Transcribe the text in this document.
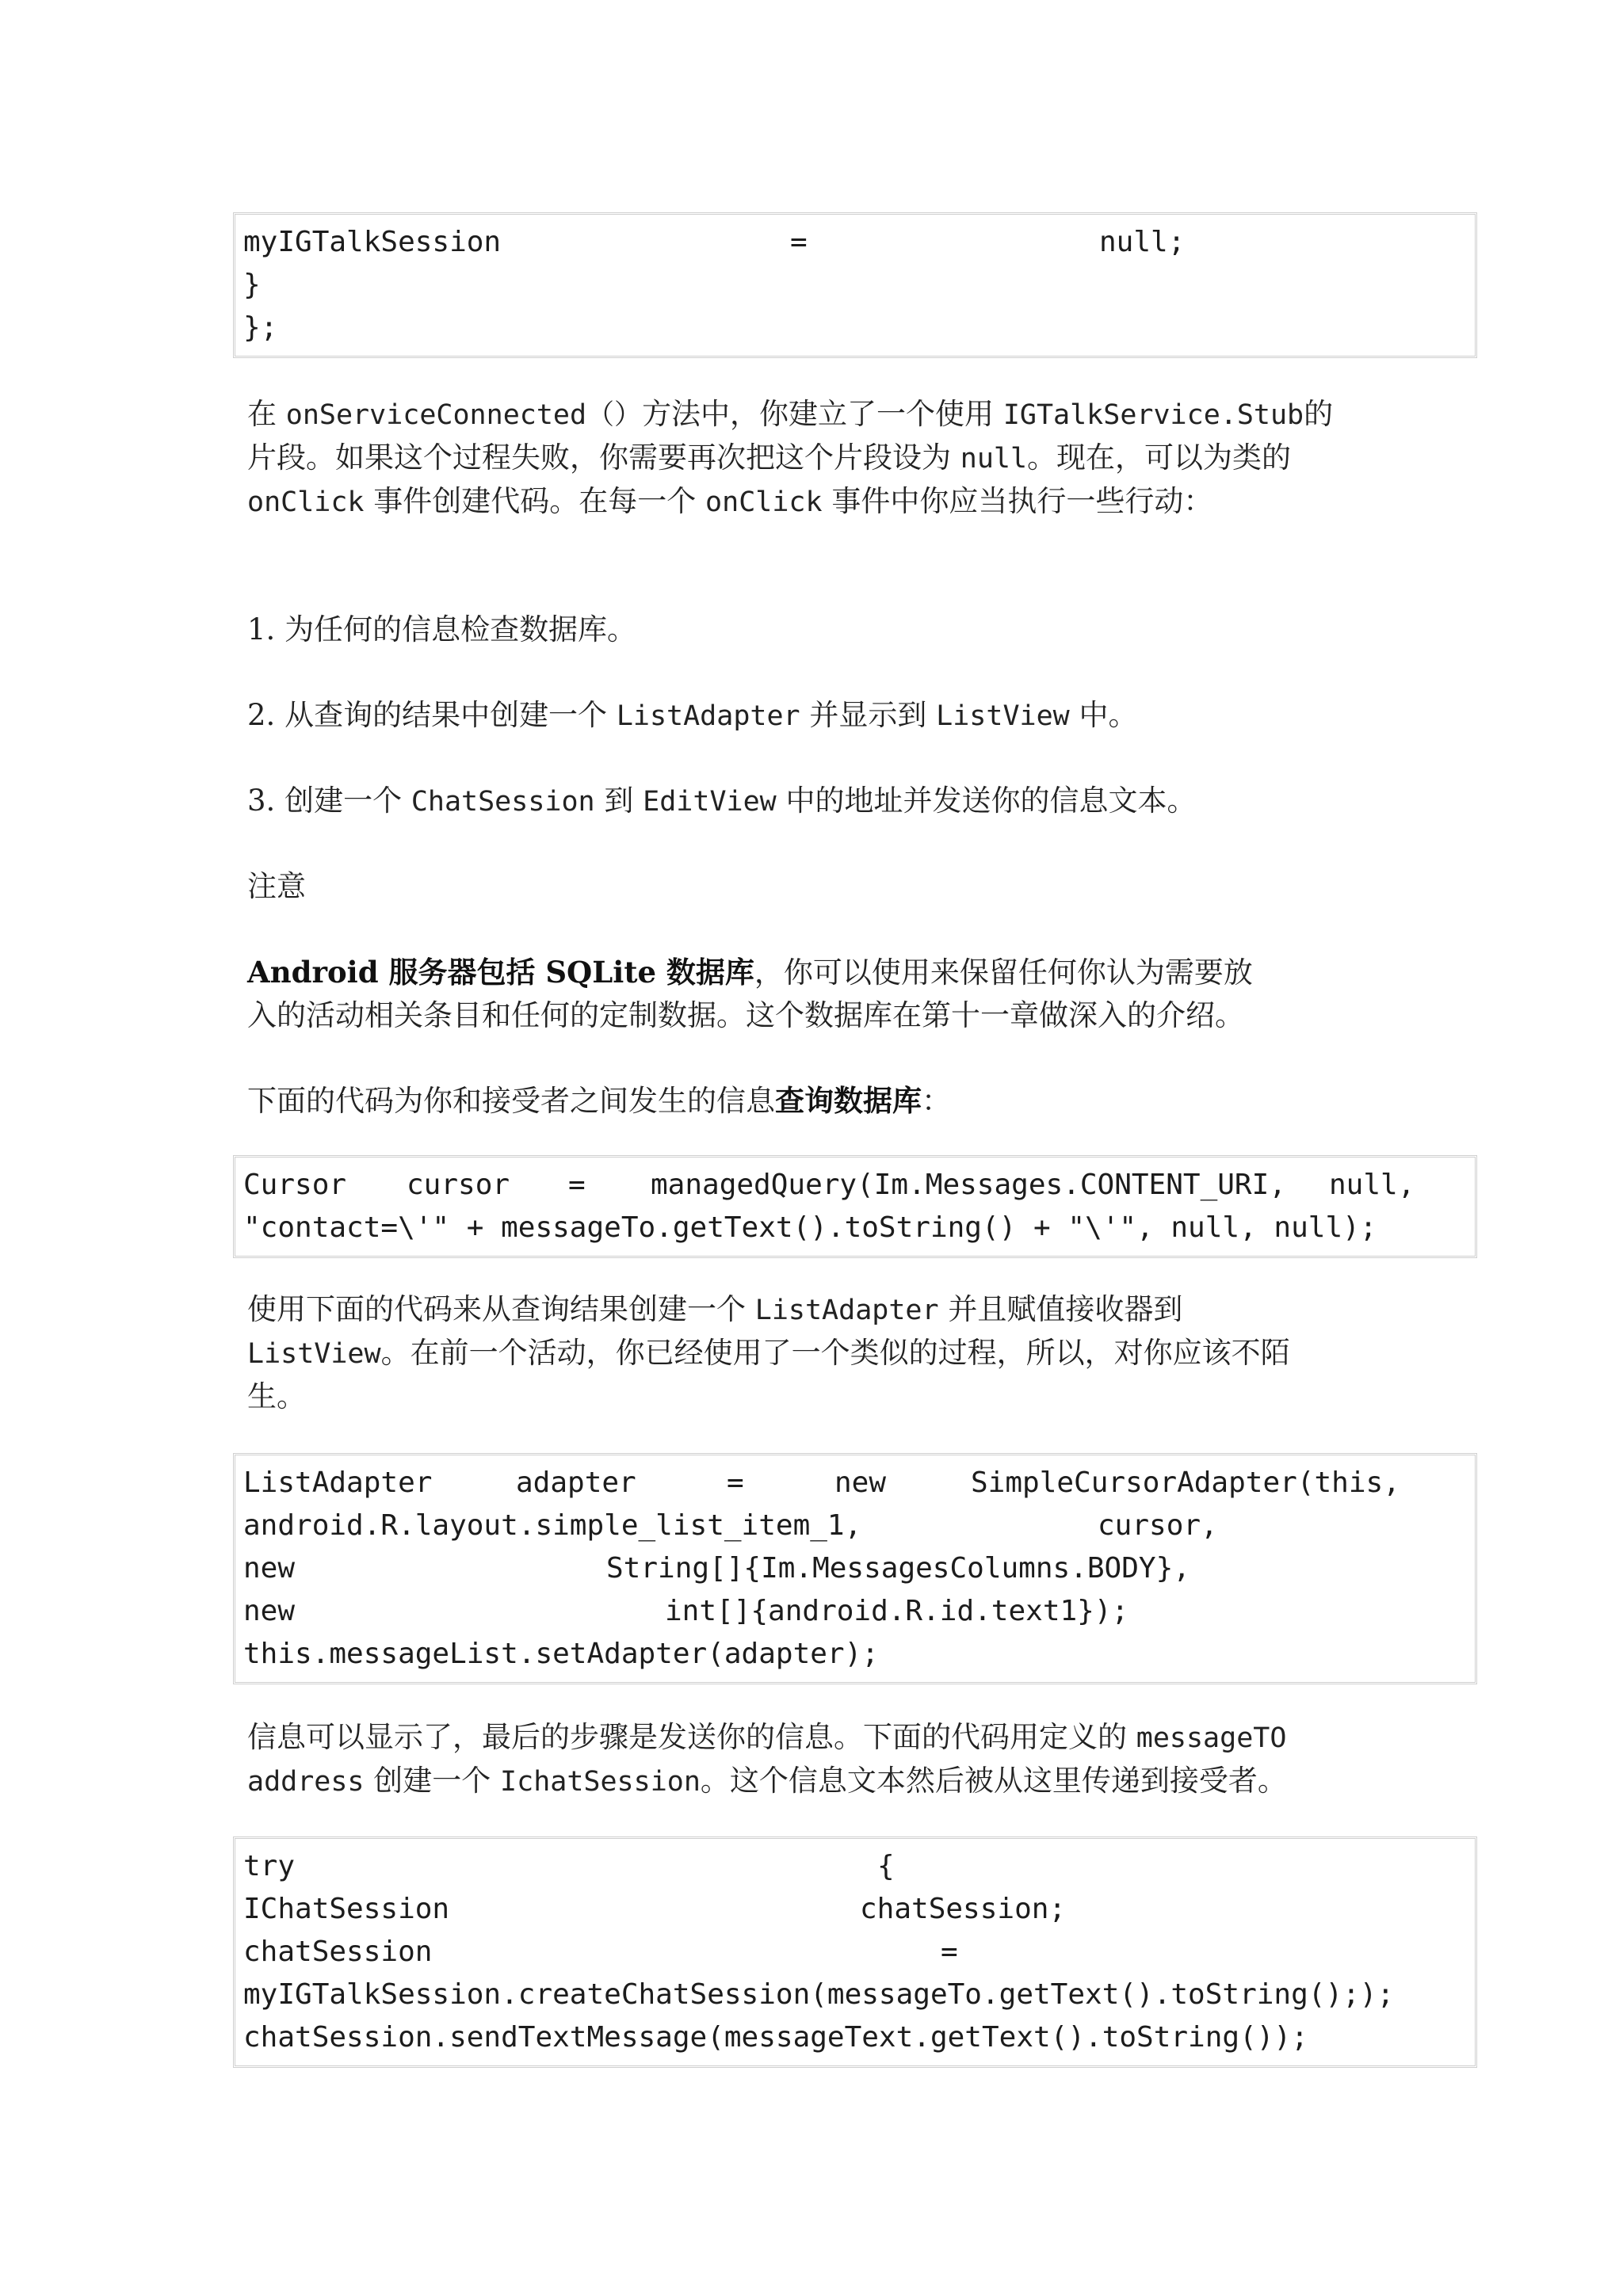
myIGTalkSession

	=

	null;

}
};
在 onServiceConnected（）方法中，你建立了一个使用 IGTalkService.Stub的
片段。如果这个过程失败，你需要再次把这个片段设为 null。现在，可以为类的
onClick 事件创建代码。在每一个 onClick 事件中你应当执行一些行动：
1. 为任何的信息检查数据库。
2. 从查询的结果中创建一个 ListAdapter 并显示到 ListView 中。
3. 创建一个 ChatSession 到 EditView 中的地址并发送你的信息文本。
注意
Android 服务器包括 SQLite 数据库，你可以使用来保留任何你认为需要放
入的活动相关条目和任何的定制数据。这个数据库在第十一章做深入的介绍。
下面的代码为你和接受者之间发生的信息查询数据库：

Cursor

cursor

=

managedQuery(Im.Messages.CONTENT_URI,

null,

"contact=\'" + messageTo.getText().toString() + "\'", null, null);
使用下面的代码来从查询结果创建一个 ListAdapter 并且赋值接收器到
ListView。在前一个活动，你已经使用了一个类似的过程，所以，对你应该不陌
生。

ListAdapter

	adapter

	=

	new

	SimpleCursorAdapter(this,

android.R.layout.simple_list_item_1,

	cursor,

new

	String[]{Im.MessagesColumns.BODY},

new

	int[]{android.R.id.text1});

this.messageList.setAdapter(adapter);
信息可以显示了，最后的步骤是发送你的信息。下面的代码用定义的 messageTO
address 创建一个 IchatSession。这个信息文本然后被从这里传递到接受者。

try

	{

IChatSession

	chatSession;

chatSession

	=

myIGTalkSession.createChatSession(messageTo.getText().toString(););
chatSession.sendTextMessage(messageText.getText().toString());
